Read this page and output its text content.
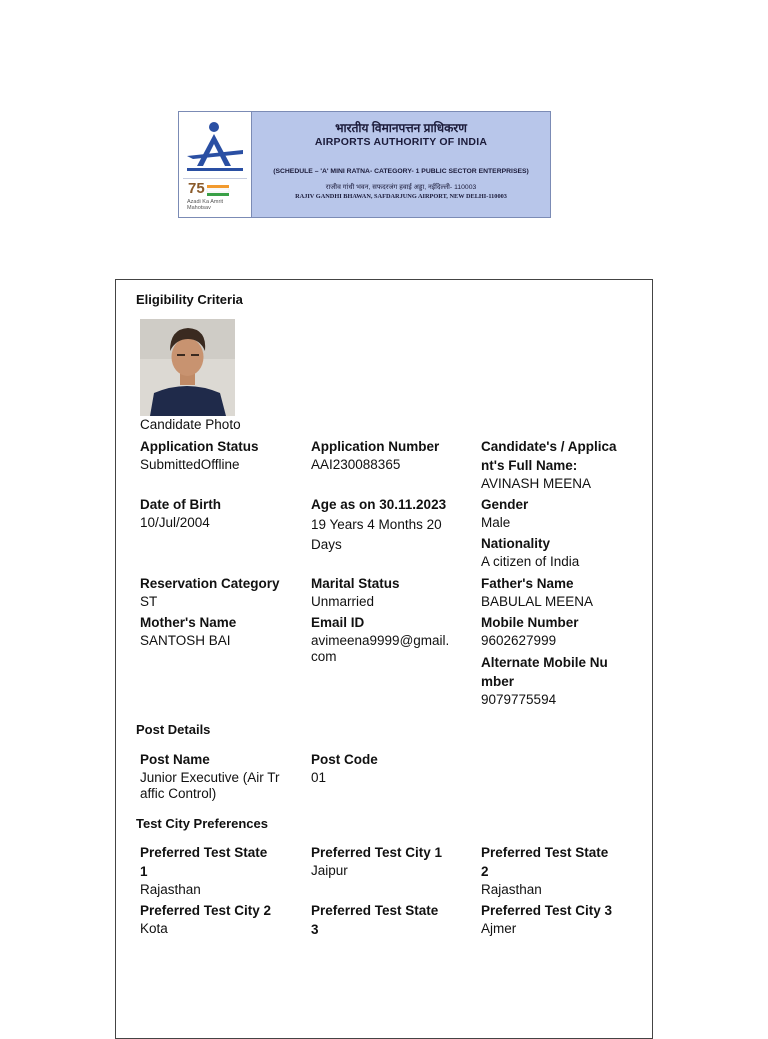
75
Azadi Ka Amrit Mahotsav
भारतीय विमानपत्तन प्राधिकरण
AIRPORTS AUTHORITY OF INDIA
(SCHEDULE – 'A' MINI RATNA- CATEGORY- 1 PUBLIC SECTOR ENTERPRISES)
राजीव गांधी भवन, सफदरजंग हवाई अड्डा, नईदिल्ली- 110003
RAJIV GANDHI BHAWAN, SAFDARJUNG AIRPORT, NEW DELHI-110003
Eligibility Criteria
Candidate Photo
Application Status
SubmittedOffline
Application Number
AAI230088365
Candidate's / Applica
nt's Full Name:
AVINASH MEENA
Date of Birth
10/Jul/2004
Age as on 30.11.2023
19 Years 4 Months 20
Days
Gender
Male
Nationality
A citizen of India
Reservation Category
ST
Marital Status
Unmarried
Father's Name
BABULAL MEENA
Mother's Name
SANTOSH BAI
Email ID
avimeena9999@gmail.
com
Mobile Number
9602627999
Alternate Mobile Nu
mber
9079775594
Post Details
Post Name
Junior Executive (Air Tr
affic Control)
Post Code
01
Test City Preferences
Preferred Test State
1
Rajasthan
Preferred Test City 1
Jaipur
Preferred Test State
2
Rajasthan
Preferred Test City 2
Kota
Preferred Test State
3
Preferred Test City 3
Ajmer
